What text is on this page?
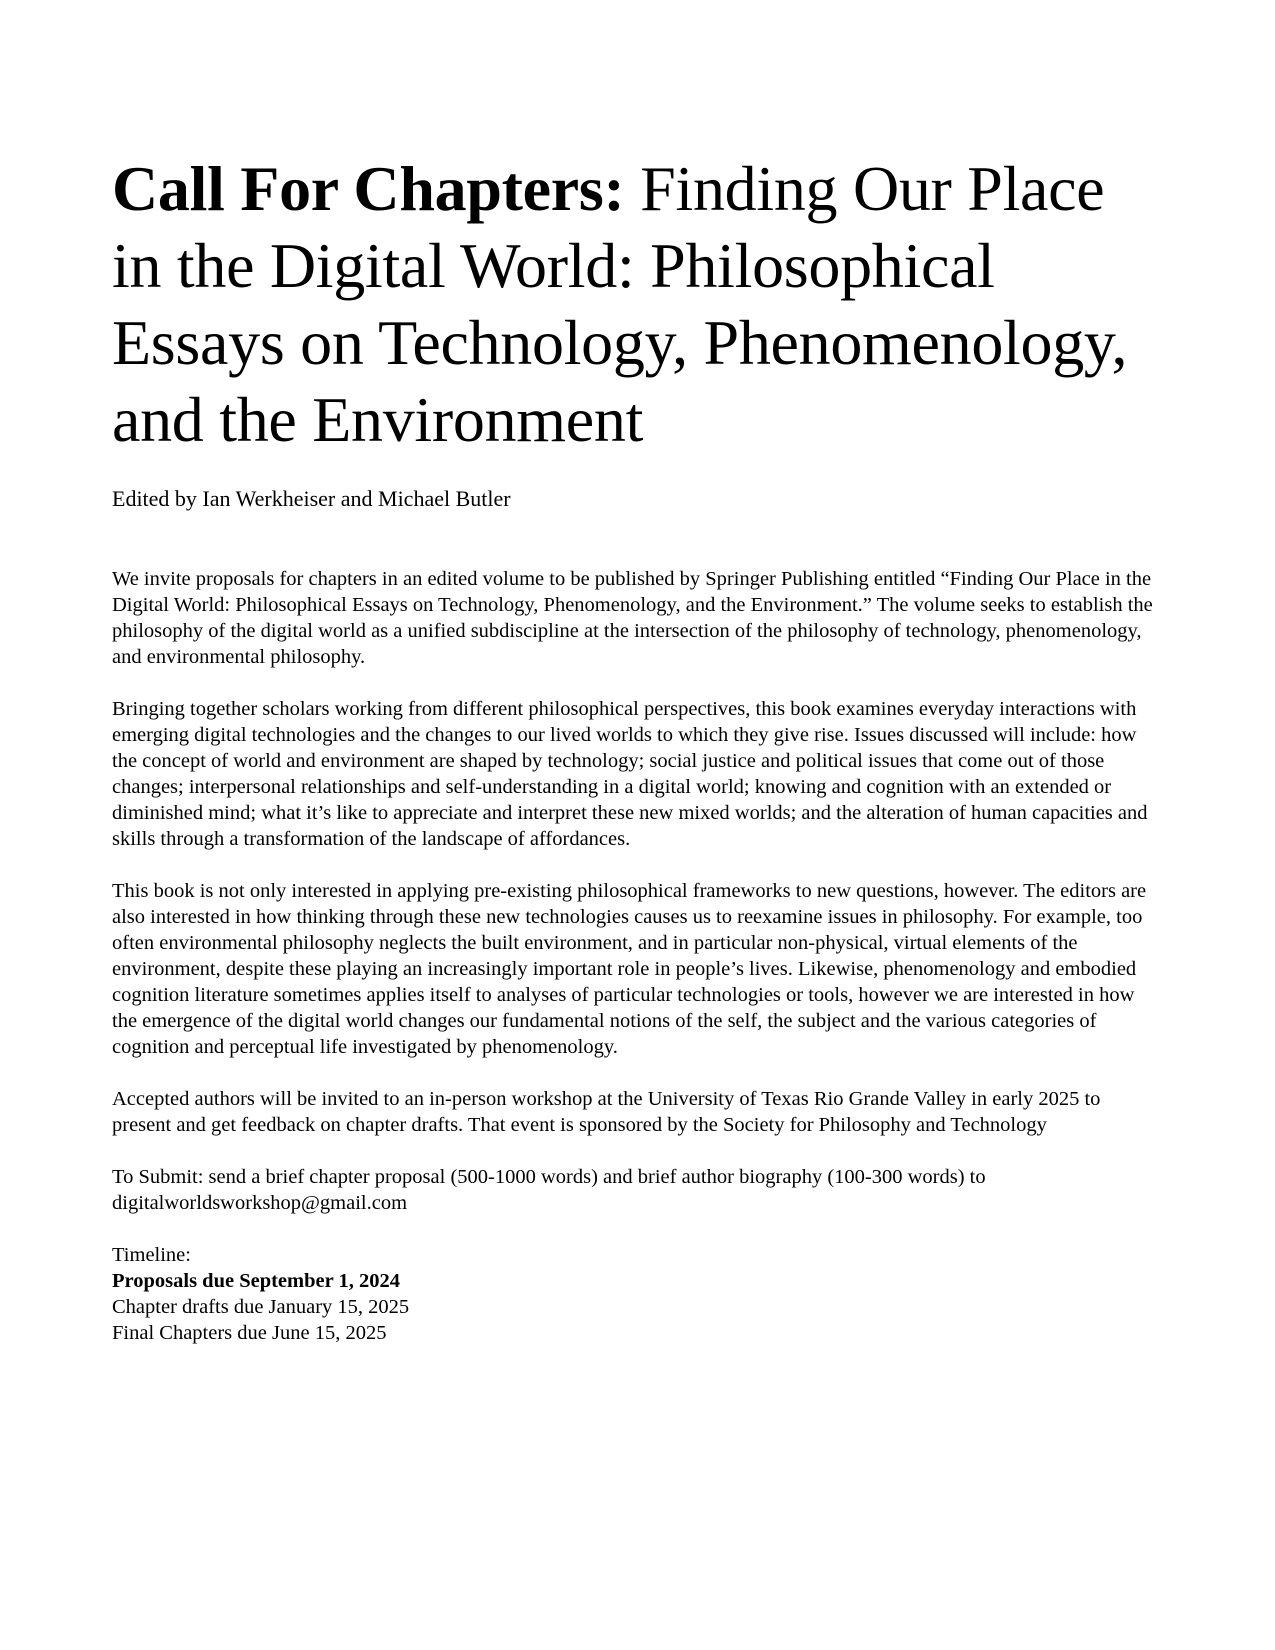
Call For Chapters: Finding Our Place in the Digital World: Philosophical Essays on Technology, Phenomenology, and the Environment

Edited by Ian Werkheiser and Michael Butler

We invite proposals for chapters in an edited volume to be published by Springer Publishing entitled “Finding Our Place in the Digital World: Philosophical Essays on Technology, Phenomenology, and the Environment.” The volume seeks to establish the philosophy of the digital world as a unified subdiscipline at the intersection of the philosophy of technology, phenomenology, and environmental philosophy.

Bringing together scholars working from different philosophical perspectives, this book examines everyday interactions with emerging digital technologies and the changes to our lived worlds to which they give rise. Issues discussed will include: how the concept of world and environment are shaped by technology; social justice and political issues that come out of those changes; interpersonal relationships and self-understanding in a digital world; knowing and cognition with an extended or diminished mind; what it’s like to appreciate and interpret these new mixed worlds; and the alteration of human capacities and skills through a transformation of the landscape of affordances.

This book is not only interested in applying pre-existing philosophical frameworks to new questions, however. The editors are also interested in how thinking through these new technologies causes us to reexamine issues in philosophy. For example, too often environmental philosophy neglects the built environment, and in particular non-physical, virtual elements of the environment, despite these playing an increasingly important role in people’s lives. Likewise, phenomenology and embodied cognition literature sometimes applies itself to analyses of particular technologies or tools, however we are interested in how the emergence of the digital world changes our fundamental notions of the self, the subject and the various categories of cognition and perceptual life investigated by phenomenology.

Accepted authors will be invited to an in-person workshop at the University of Texas Rio Grande Valley in early 2025 to present and get feedback on chapter drafts. That event is sponsored by the Society for Philosophy and Technology

To Submit: send a brief chapter proposal (500-1000 words) and brief author biography (100-300 words) to digitalworldsworkshop@gmail.com

Timeline:
Proposals due September 1, 2024
Chapter drafts due January 15, 2025
Final Chapters due June 15, 2025
